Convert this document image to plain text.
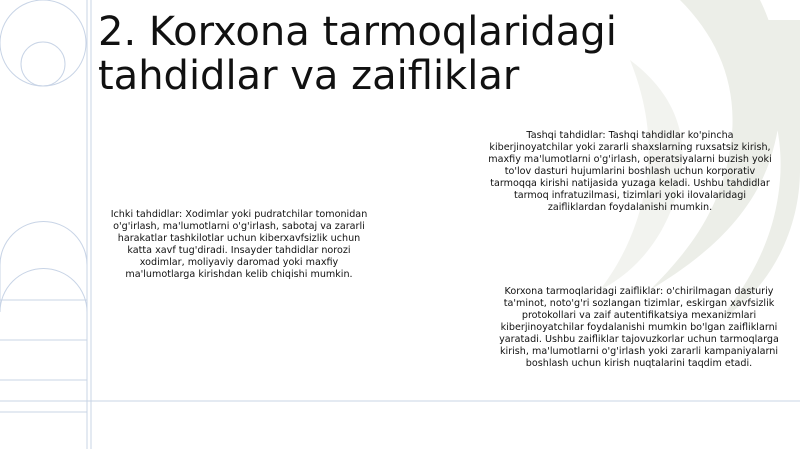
2. Korxona tarmoqlaridagi tahdidlar va zaifliklar
Tashqi tahdidlar: Tashqi tahdidlar ko'pincha kiberjinoyatchilar yoki zararli shaxslarning ruxsatsiz kirish, maxfiy ma'lumotlarni o'g'irlash, operatsiyalarni buzish yoki to'lov dasturi hujumlarini boshlash uchun korporativ tarmoqqa kirishi natijasida yuzaga keladi. Ushbu tahdidlar tarmoq infratuzilmasi, tizimlari yoki ilovalaridagi zaifliklardan foydalanishi mumkin.
Ichki tahdidlar: Xodimlar yoki pudratchilar tomonidan o'g'irlash, ma'lumotlarni o'g'irlash, sabotaj va zararli harakatlar tashkilotlar uchun kiberxavfsizlik uchun katta xavf tug'diradi. Insayder tahdidlar norozi xodimlar, moliyaviy daromad yoki maxfiy ma'lumotlarga kirishdan kelib chiqishi mumkin.
Korxona tarmoqlaridagi zaifliklar: o'chirilmagan dasturiy ta'minot, noto'g'ri sozlangan tizimlar, eskirgan xavfsizlik protokollari va zaif autentifikatsiya mexanizmlari kiberjinoyatchilar foydalanishi mumkin bo'lgan zaifliklarni yaratadi. Ushbu zaifliklar tajovuzkorlar uchun tarmoqlarga kirish, ma'lumotlarni o'g'irlash yoki zararli kampaniyalarni boshlash uchun kirish nuqtalarini taqdim etadi.
